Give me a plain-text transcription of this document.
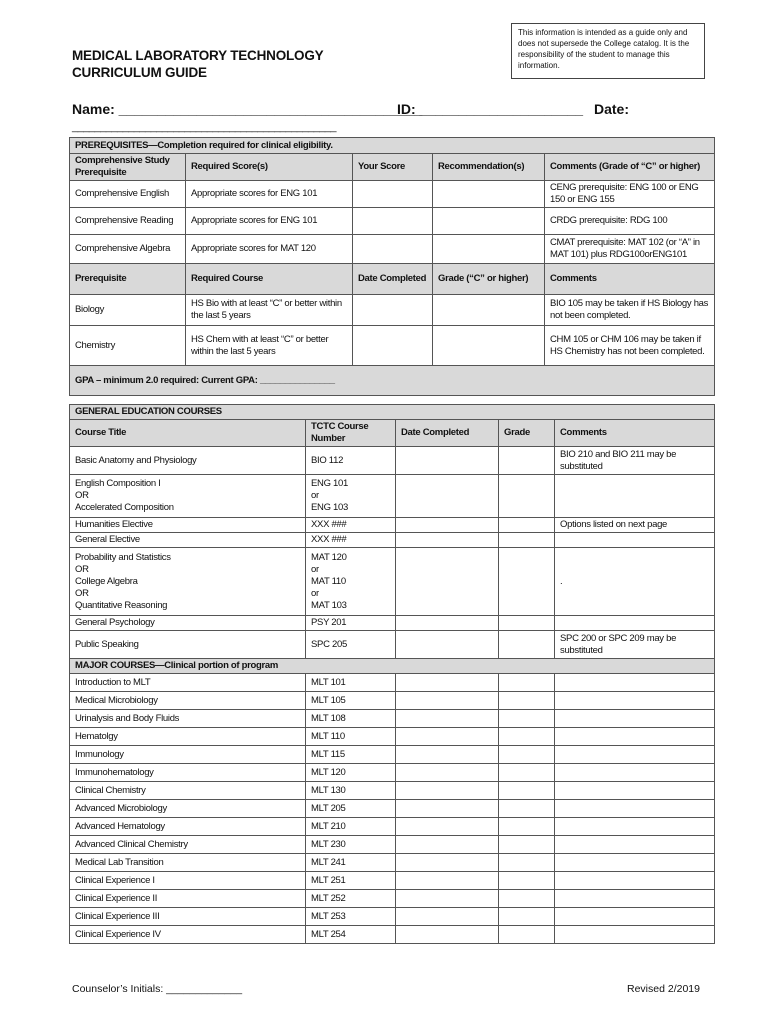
MEDICAL LABORATORY TECHNOLOGY
CURRICULUM GUIDE
This information is intended as a guide only and does not supersede the College catalog. It is the responsibility of the student to manage this information.
Name: _______________________________________
ID: _____________________ Date:
_______________________________________________
PREREQUISITES—Completion required for clinical eligibility.				
Comprehensive Study Prerequisite	Required Score(s)	Your Score	Recommendation(s)	Comments (Grade of “C” or higher)
Comprehensive English	Appropriate scores for ENG 101			CENG prerequisite: ENG 100 or ENG 150 or ENG 155
Comprehensive Reading	Appropriate scores for ENG 101			CRDG prerequisite: RDG 100
Comprehensive Algebra	Appropriate scores for MAT 120			CMAT prerequisite: MAT 102 (or “A” in MAT 101) plus RDG100orENG101
Prerequisite	Required Course	Date Completed	Grade (“C” or higher)	Comments
Biology	HS Bio with at least “C” or better within the last 5 years			BIO 105 may be taken if HS Biology has not been completed.
Chemistry	HS Chem with at least “C” or better within the last 5 years			CHM 105 or CHM 106 may be taken if HS Chemistry has not been completed.
GPA – minimum 2.0 required: Current GPA: _______________				
GENERAL EDUCATION COURSES				
Course Title	TCTC Course Number	Date Completed	Grade	Comments
Basic Anatomy and Physiology	BIO 112			BIO 210 and BIO 211 may be substituted
English Composition I
OR
Accelerated Composition	ENG 101
or
ENG 103			
Humanities Elective	XXX ###			Options listed on next page
General Elective	XXX ###			
Probability and Statistics
OR
College Algebra
OR
Quantitative Reasoning	MAT 120
or
MAT 110
or
MAT 103			.
General Psychology	PSY 201			
Public Speaking	SPC 205			SPC 200 or SPC 209 may be substituted
MAJOR COURSES—Clinical portion of program				
Introduction to MLT	MLT 101			
Medical Microbiology	MLT 105			
Urinalysis and Body Fluids	MLT 108			
Hematolgy	MLT 110			
Immunology	MLT 115			
Immunohematology	MLT 120			
Clinical Chemistry	MLT 130			
Advanced Microbiology	MLT 205			
Advanced Hematology	MLT 210			
Advanced Clinical Chemistry	MLT 230			
Medical Lab Transition	MLT 241			
Clinical Experience I	MLT 251			
Clinical Experience II	MLT 252			
Clinical Experience III	MLT 253			
Clinical Experience IV	MLT 254			
Counselor’s Initials: _____________	Revised 2/2019
